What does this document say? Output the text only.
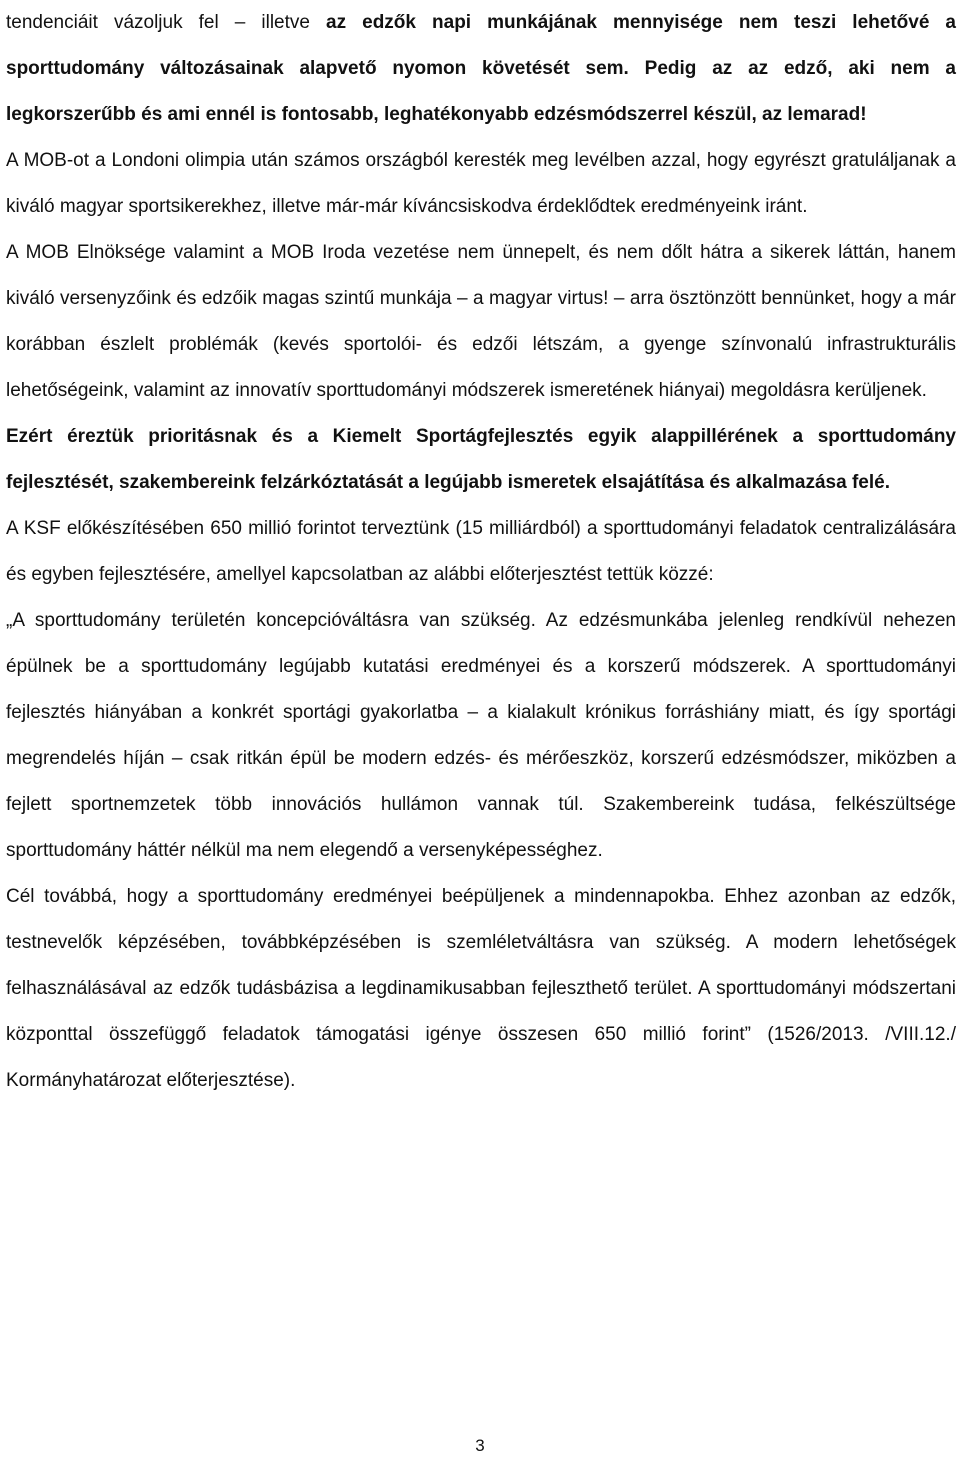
tendenciáit vázoljuk fel – illetve az edzők napi munkájának mennyisége nem teszi lehetővé a sporttudomány változásainak alapvető nyomon követését sem. Pedig az az edző, aki nem a legkorszerűbb és ami ennél is fontosabb, leghatékonyabb edzésmódszerrel készül, az lemarad!

A MOB-ot a Londoni olimpia után számos országból keresték meg levélben azzal, hogy egyrészt gratuláljanak a kiváló magyar sportsikerekhez, illetve már-már kíváncsiskodva érdeklődtek eredményeink iránt.

A MOB Elnöksége valamint a MOB Iroda vezetése nem ünnepelt, és nem dőlt hátra a sikerek láttán, hanem kiváló versenyzőink és edzőik magas szintű munkája – a magyar virtus! – arra ösztönzött bennünket, hogy a már korábban észlelt problémák (kevés sportolói- és edzői létszám, a gyenge színvonalú infrastrukturális lehetőségeink, valamint az innovatív sporttudományi módszerek ismeretének hiányai) megoldásra kerüljenek.

Ezért éreztük prioritásnak és a Kiemelt Sportágfejlesztés egyik alappillérének a sporttudomány fejlesztését, szakembereink felzárkóztatását a legújabb ismeretek elsajátítása és alkalmazása felé.

A KSF előkészítésében 650 millió forintot terveztünk (15 milliárdból) a sporttudományi feladatok centralizálására és egyben fejlesztésére, amellyel kapcsolatban az alábbi előterjesztést tettük közzé:

„A sporttudomány területén koncepcióváltásra van szükség. Az edzésmunkába jelenleg rendkívül nehezen épülnek be a sporttudomány legújabb kutatási eredményei és a korszerű módszerek. A sporttudományi fejlesztés hiányában a konkrét sportági gyakorlatba – a kialakult krónikus forráshiány miatt, és így sportági megrendelés híján – csak ritkán épül be modern edzés- és mérőeszköz, korszerű edzésmódszer, miközben a fejlett sportnemzetek több innovációs hullámon vannak túl. Szakembereink tudása, felkészültsége sporttudomány háttér nélkül ma nem elegendő a versenyképességhez.

Cél továbbá, hogy a sporttudomány eredményei beépüljenek a mindennapokba. Ehhez azonban az edzők, testnevelők képzésében, továbbképzésében is szemléletváltásra van szükség. A modern lehetőségek felhasználásával az edzők tudásbázisa a legdinamikusabban fejleszthető terület. A sporttudományi módszertani központtal összefüggő feladatok támogatási igénye összesen 650 millió forint” (1526/2013. /VIII.12./ Kormányhatározat előterjesztése).

3
